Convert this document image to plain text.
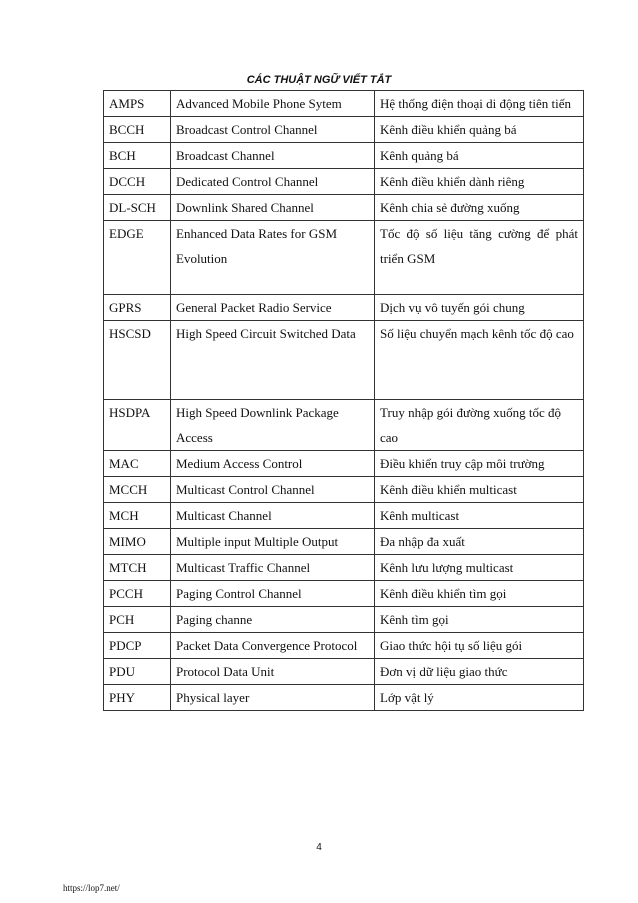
CÁC THUẬT NGỮ VIẾT TẮT
AMPS	Advanced Mobile Phone Sytem	Hệ thống điện thoại di động tiên tiến
BCCH	Broadcast Control Channel	Kênh điều khiển quảng bá
BCH	Broadcast Channel	Kênh quảng bá
DCCH	Dedicated Control Channel	Kênh điều khiển dành riêng
DL-SCH	Downlink Shared Channel	Kênh chia sẻ đường xuống
EDGE	Enhanced Data Rates for GSM Evolution	Tốc độ số liệu tăng cường để phát triển GSM
GPRS	General Packet Radio Service	Dịch vụ vô tuyến gói chung
HSCSD	High Speed Circuit Switched Data	Số liệu chuyển mạch kênh tốc độ cao
HSDPA	High Speed Downlink Package Access	Truy nhập gói đường xuống tốc độ cao
MAC	Medium Access Control	Điều khiển truy cập môi trường
MCCH	Multicast Control Channel	Kênh điều khiển multicast
MCH	Multicast Channel	Kênh multicast
MIMO	Multiple input Multiple Output	Đa nhập đa xuất
MTCH	Multicast Traffic Channel	Kênh lưu lượng multicast
PCCH	Paging Control Channel	Kênh điều khiển tìm gọi
PCH	Paging channe	Kênh tìm gọi
PDCP	Packet Data Convergence Protocol	Giao thức hội tụ số liệu gói
PDU	Protocol Data Unit	Đơn vị dữ liệu giao thức
PHY	Physical layer	Lớp vật lý
4
https://lop7.net/
